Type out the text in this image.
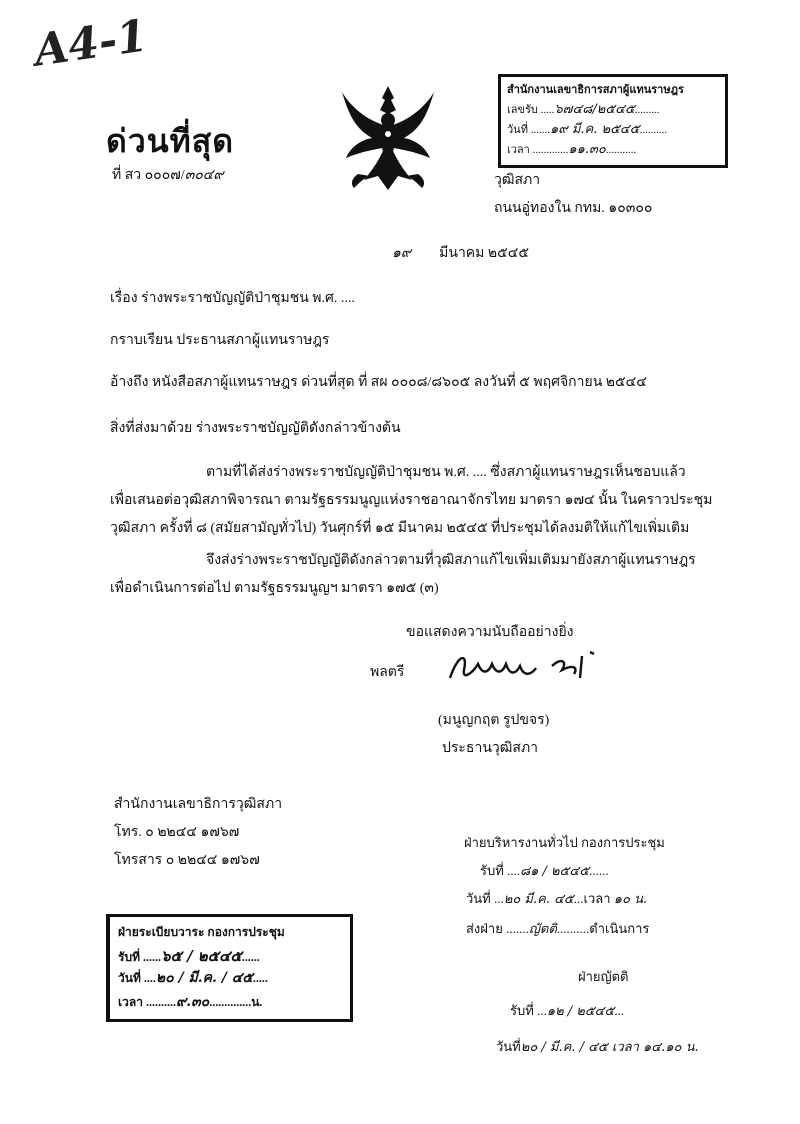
A4-1
ด่วนที่สุด
ที่ สว ๐๐๐๗/๓๐๔๙
สำนักงานเลขาธิการสภาผู้แทนราษฎร
เลขรับ .....๖๗๔๘/๒๕๔๕.........
วันที่ .......๑๙ มี.ค. ๒๕๔๕..........
เวลา .............๑๑.๓๐...........
วุฒิสภา
ถนนอู่ทองใน กทม. ๑๐๓๐๐
๑๙ มีนาคม ๒๕๔๕
เรื่อง ร่างพระราชบัญญัติป่าชุมชน พ.ศ. ....
กราบเรียน ประธานสภาผู้แทนราษฎร
อ้างถึง หนังสือสภาผู้แทนราษฎร ด่วนที่สุด ที่ สผ ๐๐๐๘/๘๖๐๕ ลงวันที่ ๕ พฤศจิกายน ๒๕๔๔
สิ่งที่ส่งมาด้วย ร่างพระราชบัญญัติดังกล่าวข้างต้น
ตามที่ได้ส่งร่างพระราชบัญญัติป่าชุมชน พ.ศ. .... ซึ่งสภาผู้แทนราษฎรเห็นชอบแล้ว
เพื่อเสนอต่อวุฒิสภาพิจารณา ตามรัฐธรรมนูญแห่งราชอาณาจักรไทย มาตรา ๑๗๔ นั้น ในคราวประชุม
วุฒิสภา ครั้งที่ ๘ (สมัยสามัญทั่วไป) วันศุกร์ที่ ๑๕ มีนาคม ๒๕๔๕ ที่ประชุมได้ลงมติให้แก้ไขเพิ่มเติม
จึงส่งร่างพระราชบัญญัติดังกล่าวตามที่วุฒิสภาแก้ไขเพิ่มเติมมายังสภาผู้แทนราษฎร
เพื่อดำเนินการต่อไป ตามรัฐธรรมนูญฯ มาตรา ๑๗๕ (๓)
ขอแสดงความนับถืออย่างยิ่ง
พลตรี
(มนูญกฤต รูปขจร)
ประธานวุฒิสภา
สำนักงานเลขาธิการวุฒิสภา
โทร. ๐ ๒๒๔๔ ๑๗๖๗
โทรสาร ๐ ๒๒๔๔ ๑๗๖๗
ฝ่ายระเบียบวาระ กองการประชุม
รับที่ ......๖๕ / ๒๕๔๕......
วันที่ ....๒๐ / มี.ค. / ๔๕.....
เวลา ..........๙.๓๐..............น.
ฝ่ายบริหารงานทั่วไป กองการประชุม
รับที่ ....๘๑ / ๒๕๔๕......
วันที่ ...๒๐ มี.ค. ๔๕...เวลา ๑๐ น.
ส่งฝ่าย .......ญัตติ..........ดำเนินการ
ฝ่ายญัตติ
รับที่ ...๑๒ / ๒๕๔๕...
วันที่๒๐ / มี.ค. / ๔๕ เวลา ๑๔.๑๐ น.
